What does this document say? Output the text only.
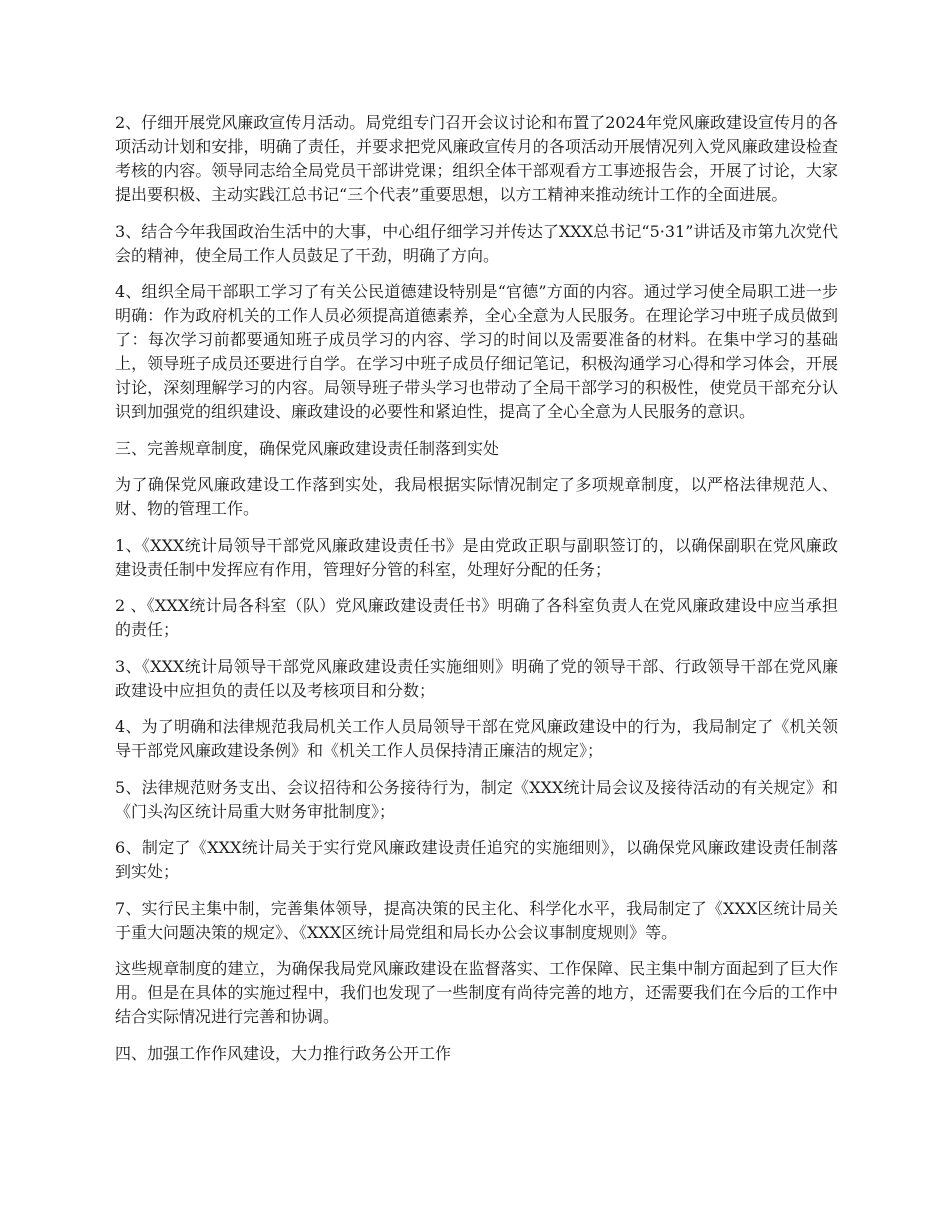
2、仔细开展党风廉政宣传月活动。局党组专门召开会议讨论和布置了2024年党风廉政建设宣传月的各项活动计划和安排，明确了责任，并要求把党风廉政宣传月的各项活动开展情况列入党风廉政建设检查考核的内容。领导同志给全局党员干部讲党课；组织全体干部观看方工事迹报告会，开展了讨论，大家提出要积极、主动实践江总书记“三个代表”重要思想，以方工精神来推动统计工作的全面进展。

3、结合今年我国政治生活中的大事，中心组仔细学习并传达了XXX总书记“5·31”讲话及市第九次党代会的精神，使全局工作人员鼓足了干劲，明确了方向。

4、组织全局干部职工学习了有关公民道德建设特别是“官德”方面的内容。通过学习使全局职工进一步明确：作为政府机关的工作人员必须提高道德素养，全心全意为人民服务。在理论学习中班子成员做到了：每次学习前都要通知班子成员学习的内容、学习的时间以及需要准备的材料。在集中学习的基础上，领导班子成员还要进行自学。在学习中班子成员仔细记笔记，积极沟通学习心得和学习体会，开展讨论，深刻理解学习的内容。局领导班子带头学习也带动了全局干部学习的积极性，使党员干部充分认识到加强党的组织建设、廉政建设的必要性和紧迫性，提高了全心全意为人民服务的意识。

三、完善规章制度，确保党风廉政建设责任制落到实处

为了确保党风廉政建设工作落到实处，我局根据实际情况制定了多项规章制度，以严格法律规范人、财、物的管理工作。

1、《XXX统计局领导干部党风廉政建设责任书》是由党政正职与副职签订的，以确保副职在党风廉政建设责任制中发挥应有作用，管理好分管的科室，处理好分配的任务；

2 、《XXX统计局各科室（队）党风廉政建设责任书》明确了各科室负责人在党风廉政建设中应当承担的责任；

3、《XXX统计局领导干部党风廉政建设责任实施细则》明确了党的领导干部、行政领导干部在党风廉政建设中应担负的责任以及考核项目和分数；

4、为了明确和法律规范我局机关工作人员局领导干部在党风廉政建设中的行为，我局制定了《机关领导干部党风廉政建设条例》和《机关工作人员保持清正廉洁的规定》；

5、法律规范财务支出、会议招待和公务接待行为，制定《XXX统计局会议及接待活动的有关规定》和《门头沟区统计局重大财务审批制度》；

6、制定了《XXX统计局关于实行党风廉政建设责任追究的实施细则》，以确保党风廉政建设责任制落到实处；

7、实行民主集中制，完善集体领导，提高决策的民主化、科学化水平，我局制定了《XXX区统计局关于重大问题决策的规定》、《XXX区统计局党组和局长办公会议事制度规则》等。

这些规章制度的建立，为确保我局党风廉政建设在监督落实、工作保障、民主集中制方面起到了巨大作用。但是在具体的实施过程中，我们也发现了一些制度有尚待完善的地方，还需要我们在今后的工作中结合实际情况进行完善和协调。

四、加强工作作风建设，大力推行政务公开工作
